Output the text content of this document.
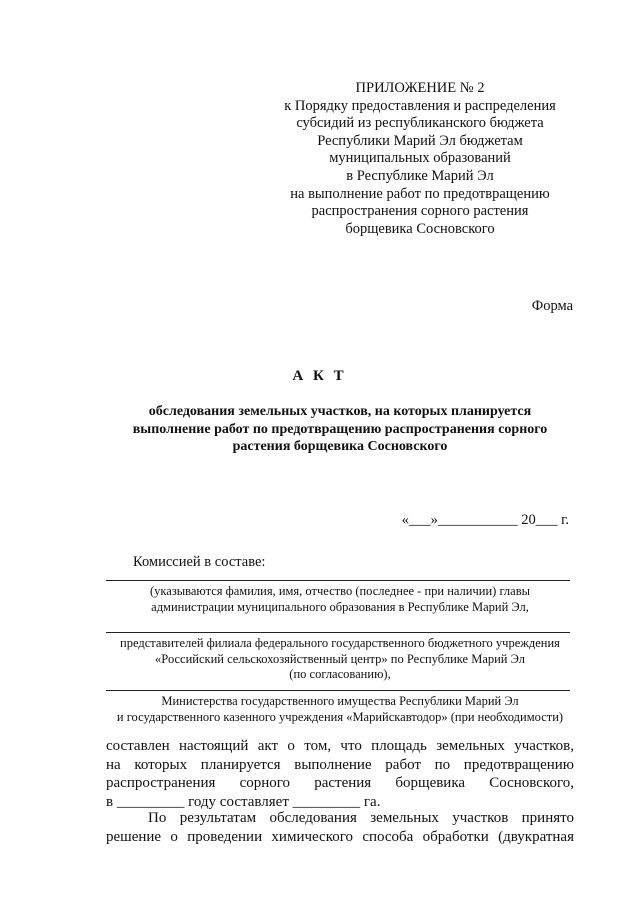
ПРИЛОЖЕНИЕ № 2
к Порядку предоставления и распределения
субсидий из республиканского бюджета
Республики Марий Эл бюджетам
муниципальных образований
в Республике Марий Эл
на выполнение работ по предотвращению
распространения сорного растения
борщевика Сосновского
Форма
А К Т
обследования земельных участков, на которых планируется
выполнение работ по предотвращению распространения сорного
растения борщевика Сосновского
«___»___________ 20___ г.
Комиссией в составе:
(указываются фамилия, имя, отчество (последнее - при наличии) главы
администрации муниципального образования в Республике Марий Эл,
представителей филиала федерального государственного бюджетного учреждения
«Российский сельскохозяйственный центр» по Республике Марий Эл
(по согласованию),
Министерства государственного имущества Республики Марий Эл
и государственного казенного учреждения «Марийскавтодор» (при необходимости)
составлен настоящий акт о том, что площадь земельных участков,
на которых планируется выполнение работ по предотвращению
распространения сорного растения борщевика Сосновского,
в _________ году составляет _________ га.
По результатам обследования земельных участков принято
решение о проведении химического способа обработки (двукратная
